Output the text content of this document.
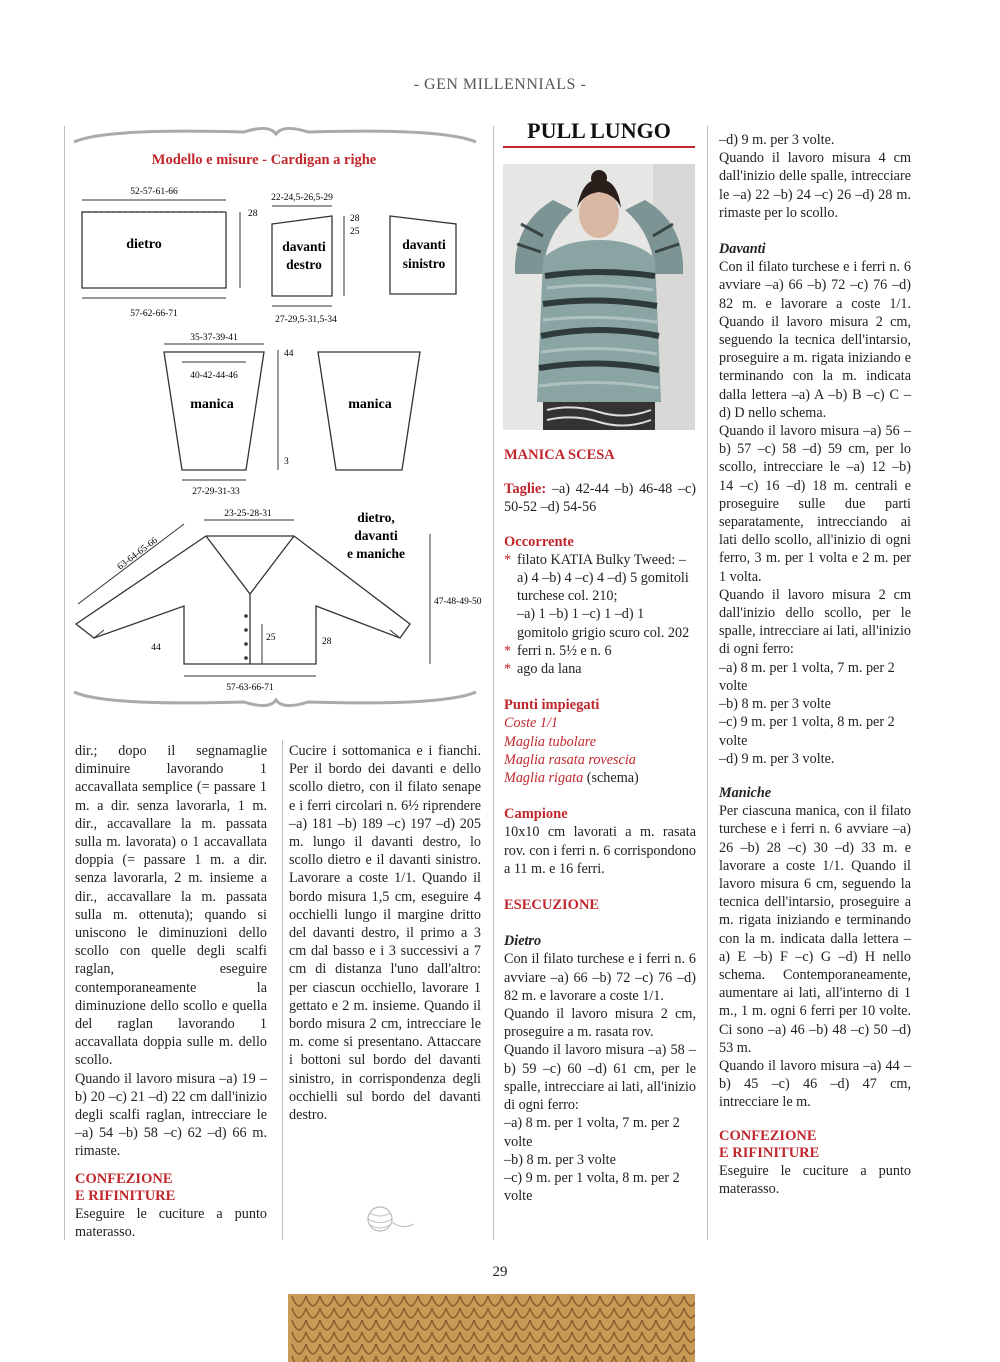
- GEN MILLENNIALS -
Modello e misure - Cardigan a righe
52-57-61-66
dietro
28
57-62-66-71
22-24,5-26,5-29
davanti
destro
28
25
27-29,5-31,5-34
davanti
sinistro
35-37-39-41
40-42-44-46
manica
44
3
27-29-31-33
manica
23-25-28-31	dietro,
davanti
e maniche
63-64-65-66
47-48-49-50
44
25	28
57-63-66-71

dir.; dopo il segnamaglie diminuire lavorando 1 accavallata semplice (= passare 1 m. a dir. senza lavorarla, 1 m. dir., accavallare la m. passata sulla m. lavorata) o 1 accavallata doppia (= passare 1 m. a dir. senza lavorarla, 2 m. insieme a dir., accavallare la m. passata sulla m. ottenuta); quando si uniscono le diminuzioni dello scollo con quelle degli scalfi raglan, eseguire contemporaneamente la diminuzione dello scollo e quella del raglan lavorando 1 accavallata doppia sulle m. dello scollo.

Quando il lavoro misura –a) 19 –b) 20 –c) 21 –d) 22 cm dall'inizio degli scalfi raglan, intrecciare le –a) 54 –b) 58 –c) 62 –d) 66 m. rimaste.

CONFEZIONE

E RIFINITURE

Eseguire le cuciture a punto materasso.

Cucire i sottomanica e i fianchi. Per il bordo dei davanti e dello scollo dietro, con il filato senape e i ferri circolari n. 6½ riprendere –a) 181 –b) 189 –c) 197 –d) 205 m. lungo il davanti destro, lo scollo dietro e il davanti sinistro. Lavorare a coste 1/1. Quando il bordo misura 1,5 cm, eseguire 4 occhielli lungo il margine dritto del davanti destro, il primo a 3 cm dal basso e i 3 successivi a 7 cm di distanza l'uno dall'altro: per ciascun occhiello, lavorare 1 gettato e 2 m. insieme. Quando il bordo misura 2 cm, intrecciare le m. come si presentano. Attaccare i bottoni sul bordo del davanti sinistro, in corrispondenza degli occhielli sul bordo del davanti destro.

PULL LUNGO

MANICA SCESA

Taglie: –a) 42-44 –b) 46-48 –c) 50-52 –d) 54-56

Occorrente

* filato KATIA Bulky Tweed: –a) 4 –b) 4 –c) 4 –d) 5 gomitoli turchese col. 210;
–a) 1 –b) 1 –c) 1 –d) 1 gomitolo grigio scuro col. 202
* ferri n. 5½ e n. 6
* ago da lana

Punti impiegati

Coste 1/1

Maglia tubolare

Maglia rasata rovescia

Maglia rigata (schema)

Campione

10x10 cm lavorati a m. rasata rov. con i ferri n. 6 corrispondono a 11 m. e 16 ferri.

ESECUZIONE

Dietro

Con il filato turchese e i ferri n. 6 avviare –a) 66 –b) 72 –c) 76 –d) 82 m. e lavorare a coste 1/1.

Quando il lavoro misura 2 cm, proseguire a m. rasata rov.

Quando il lavoro misura –a) 58 –b) 59 –c) 60 –d) 61 cm, per le spalle, intrecciare ai lati, all'inizio di ogni ferro:

–a) 8 m. per 1 volta, 7 m. per 2 volte

–b) 8 m. per 3 volte

–c) 9 m. per 1 volta, 8 m. per 2 volte

–d) 9 m. per 3 volte.

Quando il lavoro misura 4 cm dall'inizio delle spalle, intrecciare le –a) 22 –b) 24 –c) 26 –d) 28 m. rimaste per lo scollo.

Davanti

Con il filato turchese e i ferri n. 6 avviare –a) 66 –b) 72 –c) 76 –d) 82 m. e lavorare a coste 1/1. Quando il lavoro misura 2 cm, seguendo la tecnica dell'intarsio, proseguire a m. rigata iniziando e terminando con la m. indicata dalla lettera –a) A –b) B –c) C –d) D nello schema.

Quando il lavoro misura –a) 56 –b) 57 –c) 58 –d) 59 cm, per lo scollo, intrecciare le –a) 12 –b) 14 –c) 16 –d) 18 m. centrali e proseguire sulle due parti separatamente, intrecciando ai lati dello scollo, all'inizio di ogni ferro, 3 m. per 1 volta e 2 m. per 1 volta.

Quando il lavoro misura 2 cm dall'inizio dello scollo, per le spalle, intrecciare ai lati, all'inizio di ogni ferro:

–a) 8 m. per 1 volta, 7 m. per 2 volte

–b) 8 m. per 3 volte

–c) 9 m. per 1 volta, 8 m. per 2 volte

–d) 9 m. per 3 volte.

Maniche

Per ciascuna manica, con il filato turchese e i ferri n. 6 avviare –a) 26 –b) 28 –c) 30 –d) 33 m. e lavorare a coste 1/1. Quando il lavoro misura 6 cm, seguendo la tecnica dell'intarsio, proseguire a m. rigata iniziando e terminando con la m. indicata dalla lettera –a) E –b) F –c) G –d) H nello schema. Contemporaneamente, aumentare ai lati, all'interno di 1 m., 1 m. ogni 6 ferri per 10 volte. Ci sono –a) 46 –b) 48 –c) 50 –d) 53 m.

Quando il lavoro misura –a) 44 –b) 45 –c) 46 –d) 47 cm, intrecciare le m.

CONFEZIONE

E RIFINITURE

Eseguire le cuciture a punto materasso.

29
